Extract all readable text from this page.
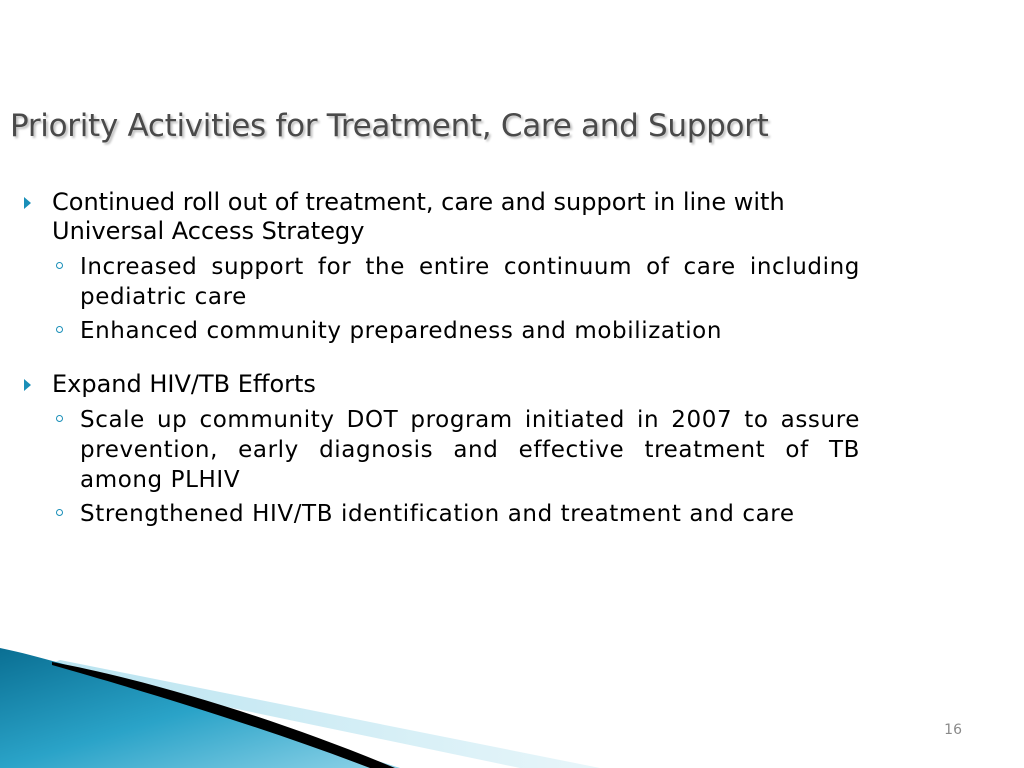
Priority Activities for Treatment, Care and Support
Continued roll out of treatment, care and support in line with Universal Access Strategy
Increased support for the entire continuum of care including pediatric care
Enhanced community preparedness and mobilization
Expand HIV/TB Efforts
Scale up community DOT program initiated in 2007 to assure prevention, early diagnosis and effective treatment of TB among PLHIV
Strengthened HIV/TB identification and treatment and care
16
